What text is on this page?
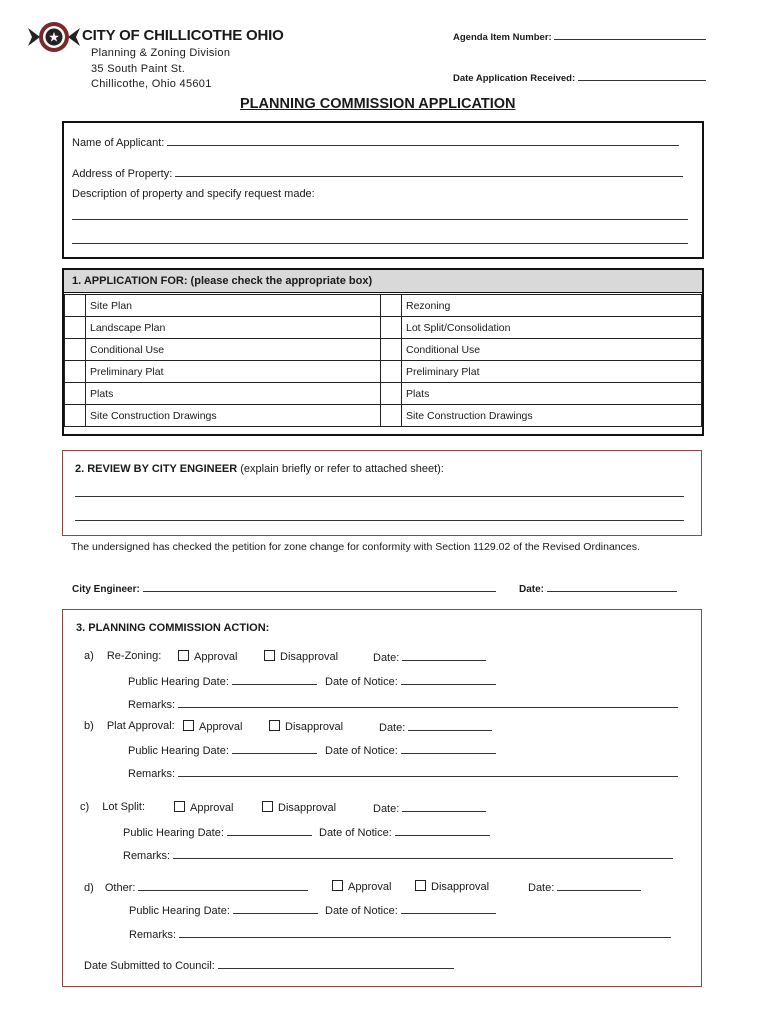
CITY OF CHILLICOTHE OHIO
Planning & Zoning Division
35 South Paint St.
Chillicothe, Ohio 45601
Agenda Item Number:
Date Application Received:
PLANNING COMMISSION APPLICATION
Name of Applicant:
Address of Property:
Description of property and specify request made:
1. APPLICATION FOR: (please check the appropriate box)
	Site Plan		Rezoning
	Landscape Plan		Lot Split/Consolidation
	Conditional Use		Conditional Use
	Preliminary Plat		Preliminary Plat
	Plats		Plats
	Site Construction Drawings		Site Construction Drawings
2. REVIEW BY CITY ENGINEER (explain briefly or refer to attached sheet):
The undersigned has checked the petition for zone change for conformity with Section 1129.02 of the Revised Ordinances.
City Engineer:	Date:
3. PLANNING COMMISSION ACTION:
a) Re-Zoning:	Approval	Disapproval	Date:
Public Hearing Date:	Date of Notice:
Remarks:
b) Plat Approval:	Approval	Disapproval	Date:
Public Hearing Date:	Date of Notice:
Remarks:
c) Lot Split:	Approval	Disapproval	Date:
Public Hearing Date:	Date of Notice:
Remarks:
d) Other:	Approval	Disapproval	Date:
Public Hearing Date:	Date of Notice:
Remarks:
Date Submitted to Council:
